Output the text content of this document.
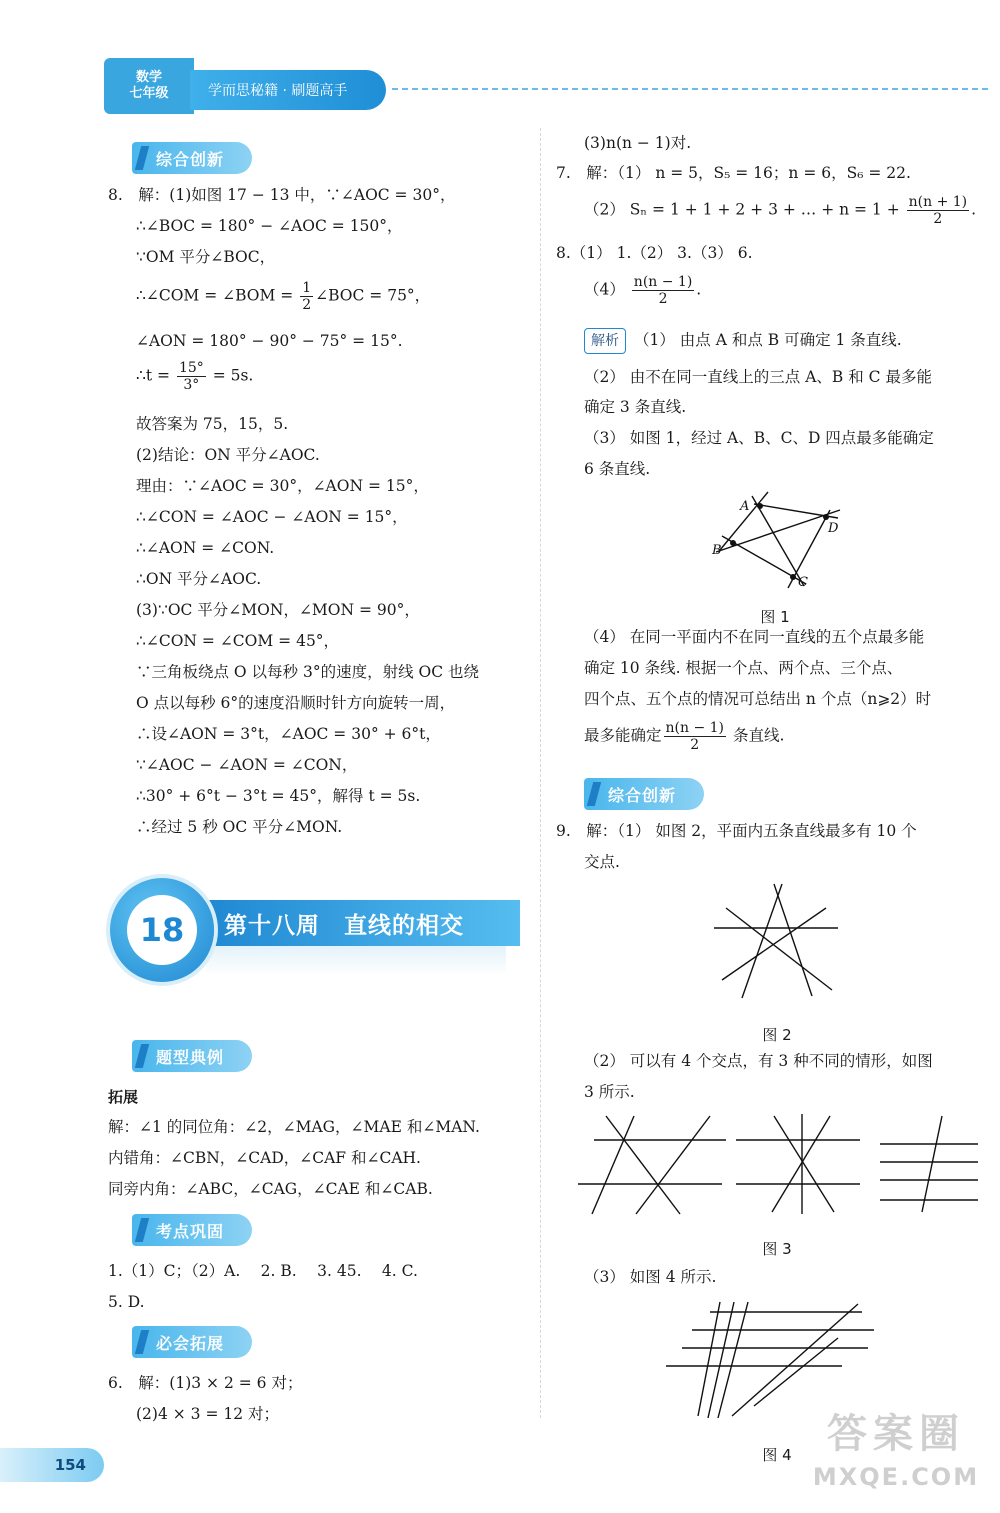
数学
七年级	学而思秘籍 · 刷题高手
综合创新
8.　解：(1)如图 17 − 13 中，∵∠AOC = 30°，
∴∠BOC = 180° − ∠AOC = 150°，
∵OM 平分∠BOC，
∴∠COM = ∠BOM = $\frac{1}{2}$ ∠BOC = 75°，
∠AON = 180° − 90° − 75° = 15°.
∴t = $\frac{15^\circ}{3^\circ} = 5s$.
故答案为 75，15，5.
(2)结论：ON 平分∠AOC.
理由：∵∠AOC = 30°，∠AON = 15°，
∴∠CON = ∠AOC − ∠AON = 15°，
∴∠AON = ∠CON.
∴ON 平分∠AOC.
(3)∵OC 平分∠MON，∠MON = 90°，
∴∠CON = ∠COM = 45°，
∵三角板绕点 O 以每秒 3°的速度，射线 OC 也绕
O 点以每秒 6°的速度沿顺时针方向旋转一周，
∴设∠AON = 3°t，∠AOC = 30° + 6°t，
∵∠AOC − ∠AON = ∠CON，
∴30° + 6°t − 3°t = 45°，解得 t = 5s.
∴经过 5 秒 OC 平分∠MON.
第十八周　直线的相交
18
题型典例
拓展
解：∠1 的同位角：∠2，∠MAG，∠MAE 和∠MAN.
内错角：∠CBN，∠CAD，∠CAF 和∠CAH.
同旁内角：∠ABC，∠CAG，∠CAE 和∠CAB.
考点巩固
1.（1）C；（2）A.　 2. B.　 3. 45.　 4. C.
5. D.
必会拓展
6.　解：(1)3 × 2 = 6 对；
(2)4 × 3 = 12 对；
(3)n(n − 1)对.
7.　解：（1） n = 5，S₅ = 16；n = 6，S₆ = 22.
（2） Sₙ = 1 + 1 + 2 + 3 + … + $n = 1 + \frac{n(n + 1)}{2}$ .
8.（1） 1.（2） 3.（3） 6.
$(4) \frac{n(n - 1)}{2}$ .
解析 （1） 由点 A 和点 B 可确定 1 条直线.
（2） 由不在同一直线上的三点 A、B 和 C 最多能
确定 3 条直线.
（3） 如图 1，经过 A、B、C、D 四点最多能确定
6 条直线.
A
B
C
D
图 1
（4） 在同一平面内不在同一直线的五个点最多能
确定 10 条线. 根据一个点、两个点、三个点、
四个点、五个点的情况可总结出 n 个点（n⩾2）时
最多能确定 $\frac{n(n - 1)}{2}$ 条直线.
综合创新
9.　解：（1） 如图 2，平面内五条直线最多有 10 个
交点.
图 2
（2） 可以有 4 个交点，有 3 种不同的情形，如图
3 所示.
图 3
（3） 如图 4 所示.
图 4
154
答案圈
MXQE.COM
